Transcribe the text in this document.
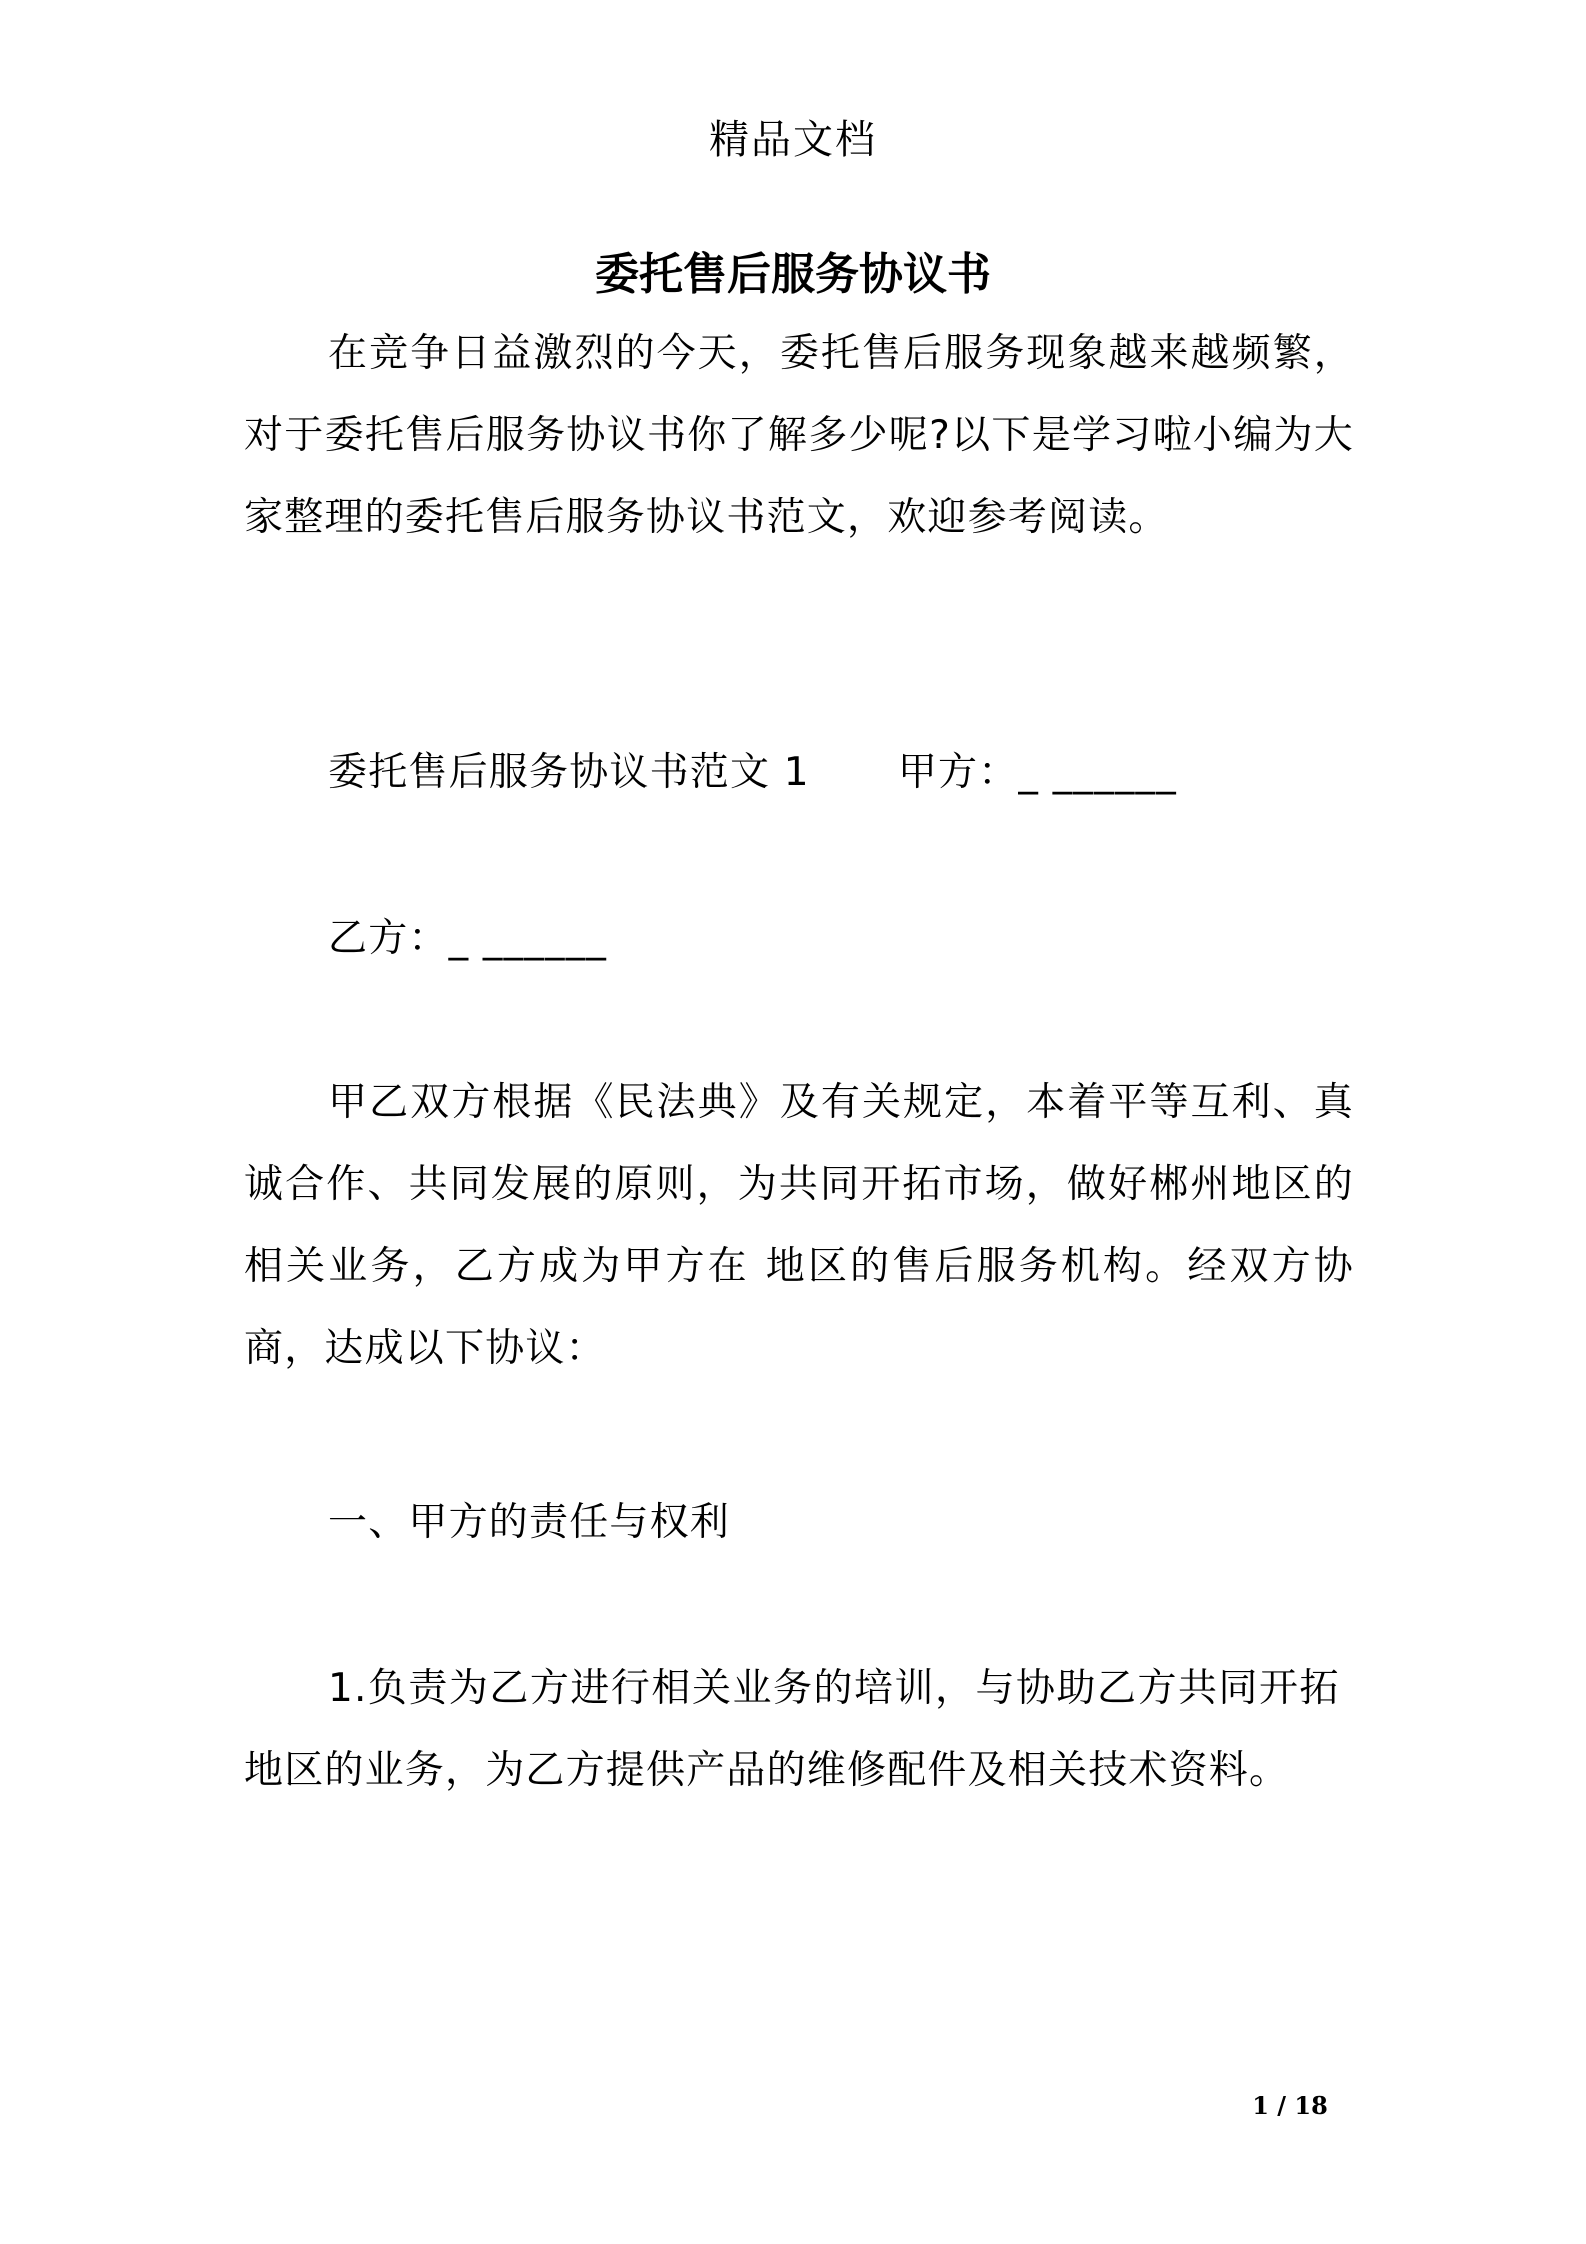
精品文档
委托售后服务协议书

在竞争日益激烈的今天，委托售后服务现象越来越频繁，对于委托售后服务协议书你了解多少呢?以下是学习啦小编为大家整理的委托售后服务协议书范文，欢迎参考阅读。

委托售后服务协议书范文 1 甲方：_ ______

乙方：_ ______

甲乙双方根据《民法典》及有关规定，本着平等互利、真诚合作、共同发展的原则，为共同开拓市场，做好郴州地区的相关业务，乙方成为甲方在 地区的售后服务机构。经双方协商，达成以下协议：

一、甲方的责任与权利

1.负责为乙方进行相关业务的培训，与协助乙方共同开拓地区的业务，为乙方提供产品的维修配件及相关技术资料。

1 / 18
